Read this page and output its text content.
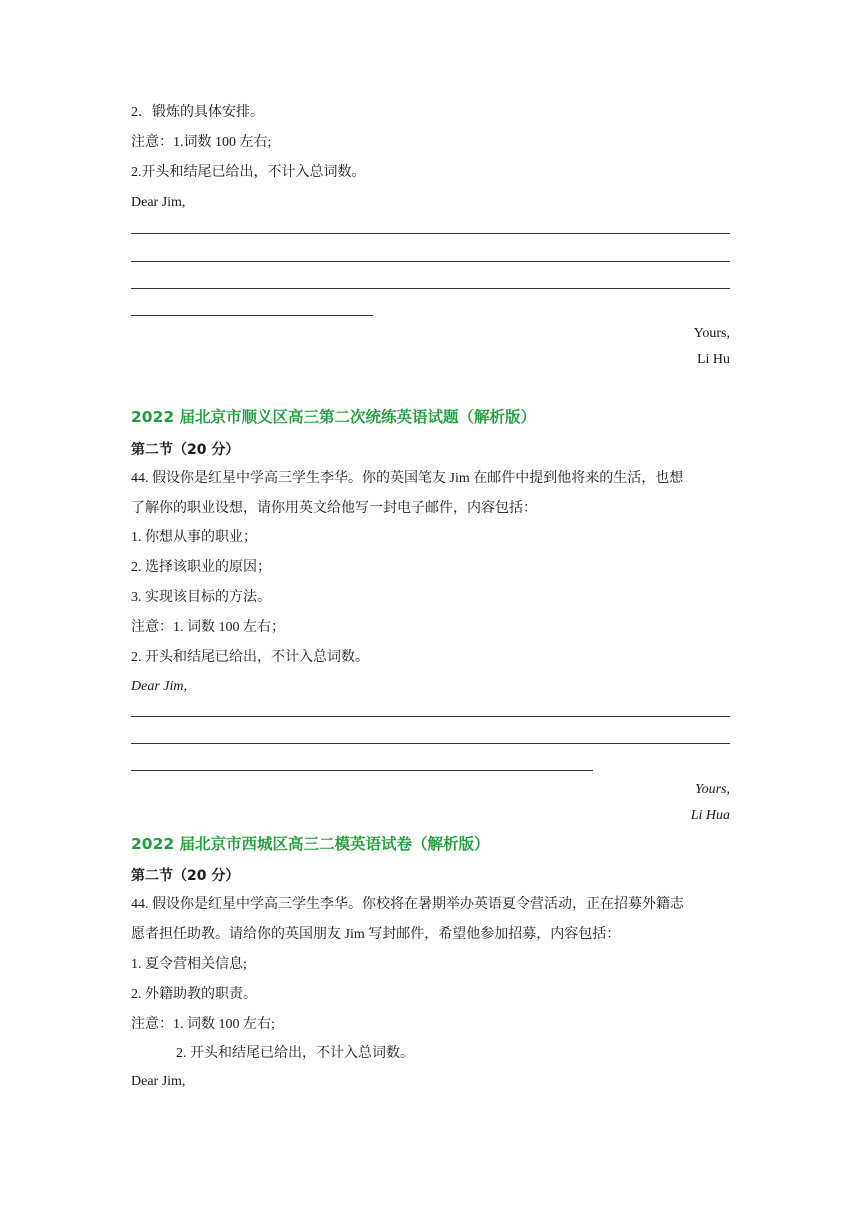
2．锻炼的具体安排。
注意：1.词数 100 左右;
2.开头和结尾已给出，不计入总词数。
Dear Jim,
Yours,
Li Hu
2022 届北京市顺义区高三第二次统练英语试题（解析版）
第二节（20 分）
44. 假设你是红星中学高三学生李华。你的英国笔友 Jim 在邮件中提到他将来的生活，也想
了解你的职业设想，请你用英文给他写一封电子邮件，内容包括：
1. 你想从事的职业；
2. 选择该职业的原因；
3. 实现该目标的方法。
注意：1. 词数 100 左右；
2. 开头和结尾已给出，不计入总词数。
Dear Jim,
Yours,
Li Hua
2022 届北京市西城区高三二模英语试卷（解析版）
第二节（20 分）
44. 假设你是红星中学高三学生李华。你校将在暑期举办英语夏令营活动，正在招募外籍志
愿者担任助教。请给你的英国朋友 Jim 写封邮件，希望他参加招募，内容包括：
1. 夏令营相关信息;
2. 外籍助教的职责。
注意：1. 词数 100 左右;
2. 开头和结尾已给出，不计入总词数。
Dear Jim,
